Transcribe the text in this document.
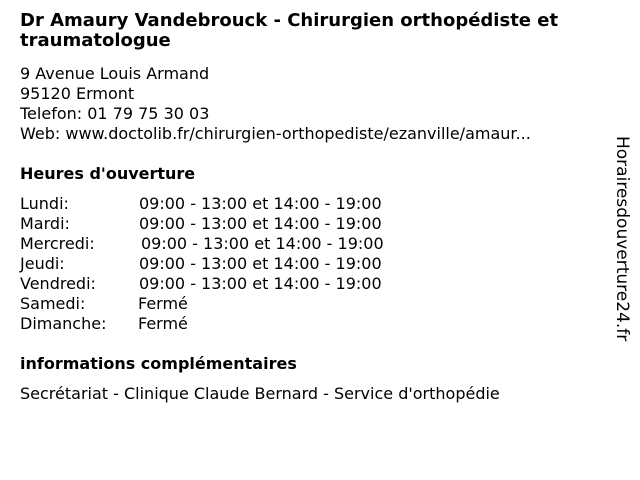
Dr Amaury Vandebrouck - Chirurgien orthopédiste et traumatologue
9 Avenue Louis Armand
95120 Ermont
Telefon: 01 79 75 30 03
Web: www.doctolib.fr/chirurgien-orthopediste/ezanville/amaur...
Heures d'ouverture
Lundi:	09:00 - 13:00 et 14:00 - 19:00
Mardi:	09:00 - 13:00 et 14:00 - 19:00
Mercredi:	09:00 - 13:00 et 14:00 - 19:00
Jeudi:	09:00 - 13:00 et 14:00 - 19:00
Vendredi:	09:00 - 13:00 et 14:00 - 19:00
Samedi:	Fermé
Dimanche: Fermé
informations complémentaires
Secrétariat - Clinique Claude Bernard - Service d'orthopédie
Horairesdouverture24.fr
